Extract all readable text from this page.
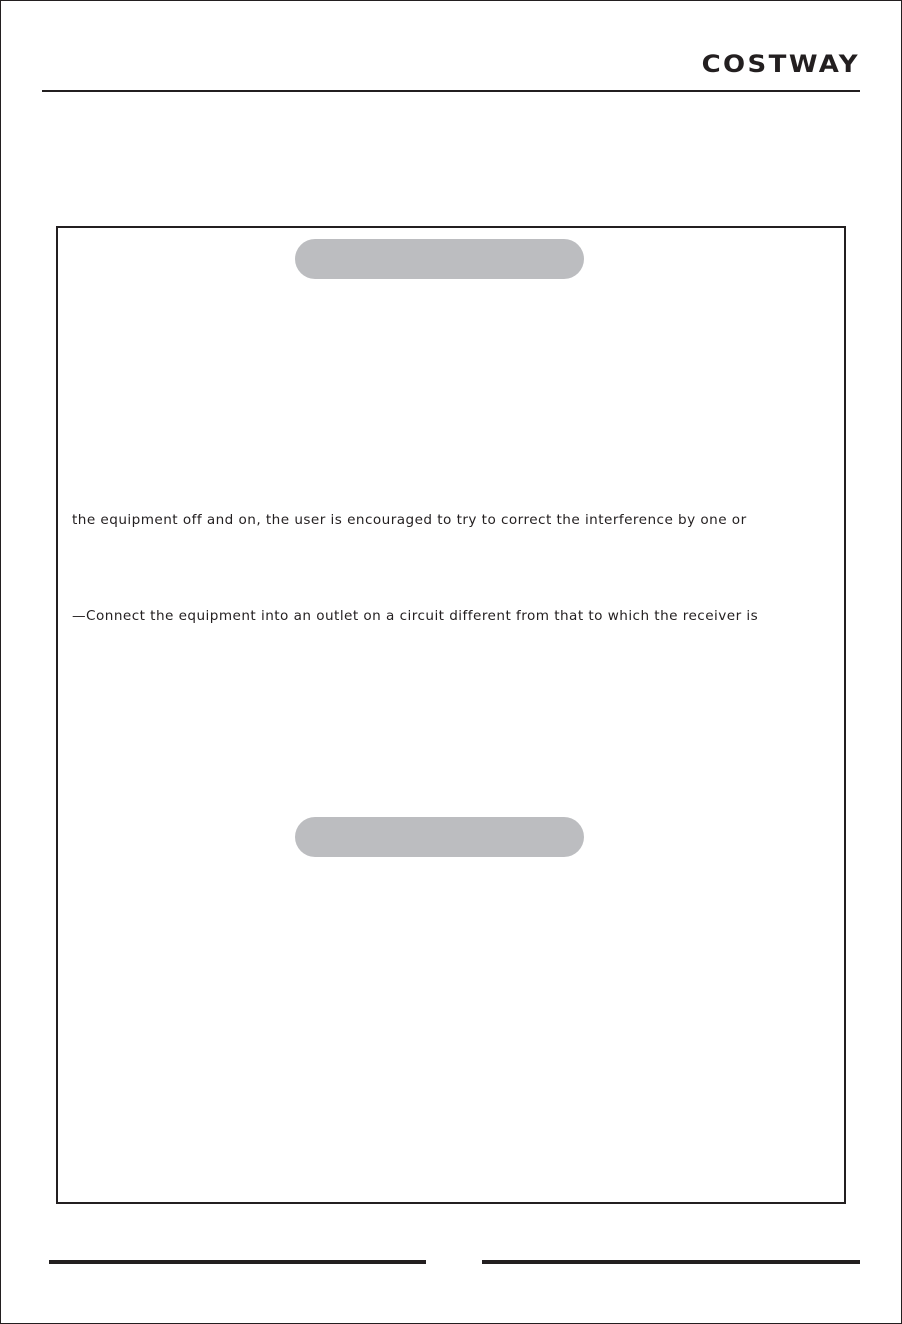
COSTWAY

the equipment off and on, the user is encouraged to try to correct the interference by one or

—Connect the equipment into an outlet on a circuit different from that to which the receiver is
